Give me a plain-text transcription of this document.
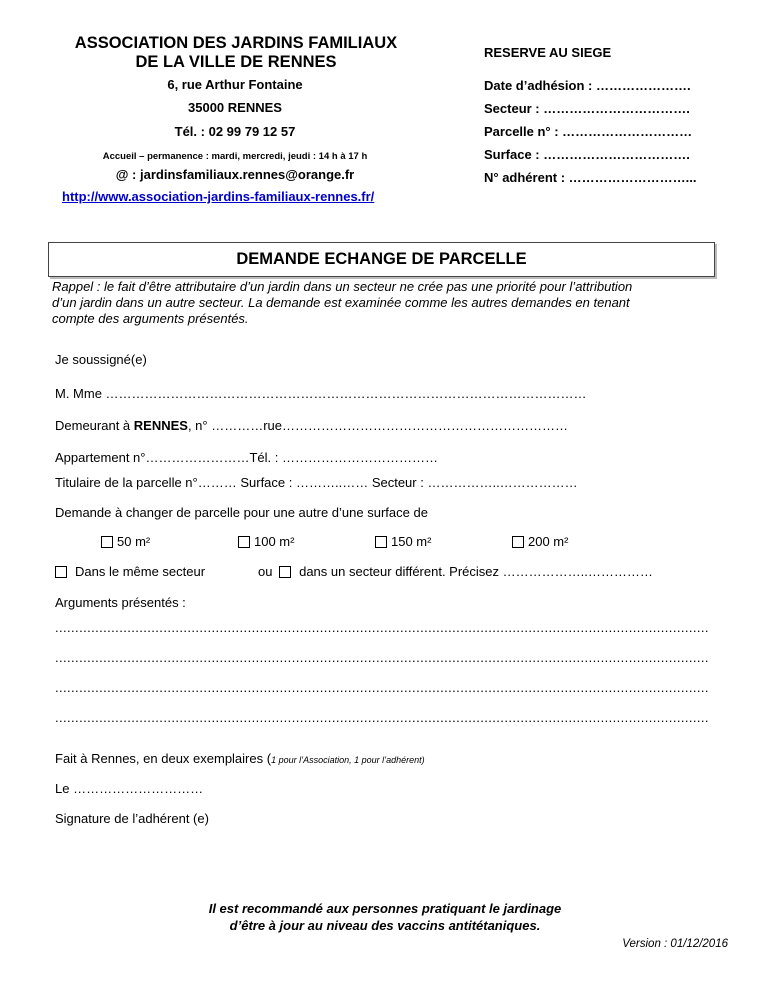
ASSOCIATION DES JARDINS FAMILIAUX
DE LA VILLE DE RENNES
6, rue Arthur Fontaine
35000 RENNES
Tél. : 02 99 79 12 57
Accueil – permanence : mardi, mercredi, jeudi : 14 h à 17 h
@ : jardinsfamiliaux.rennes@orange.fr
http://www.association-jardins-familiaux-rennes.fr/
RESERVE AU SIEGE
Date d’adhésion : ………………….
Secteur : …………………………….
Parcelle n° : …………………………
Surface : …………………………….
N° adhérent : ………………………...
DEMANDE ECHANGE DE PARCELLE
Rappel : le fait d’être attributaire d’un jardin dans un secteur ne crée pas une priorité pour l’attribution
d’un jardin dans un autre secteur. La demande est examinée comme les autres demandes en tenant
compte des arguments présentés.
Je soussigné(e)
M. Mme …………………………………………………………………………………………………
Demeurant à RENNES, n° …………rue…………………………………………………………
Appartement n°……………………Tél. : ………………………………
Titulaire de la parcelle n°……… Surface : ………..…… Secteur : ……………..………………
Demande à changer de parcelle pour une autre d’une surface de
50 m²	100 m²	150 m²	200 m²
Dans le même secteur	ou dans un secteur différent. Précisez ………………..……………
Arguments présentés :
...................................................................................................................................................................
...................................................................................................................................................................
...................................................................................................................................................................
...................................................................................................................................................................
Fait à Rennes, en deux exemplaires (1 pour l’Association, 1 pour l’adhérent)
Le …………………………
Signature de l’adhérent (e)
Il est recommandé aux personnes pratiquant le jardinage
d’être à jour au niveau des vaccins antitétaniques.
Version : 01/12/2016
